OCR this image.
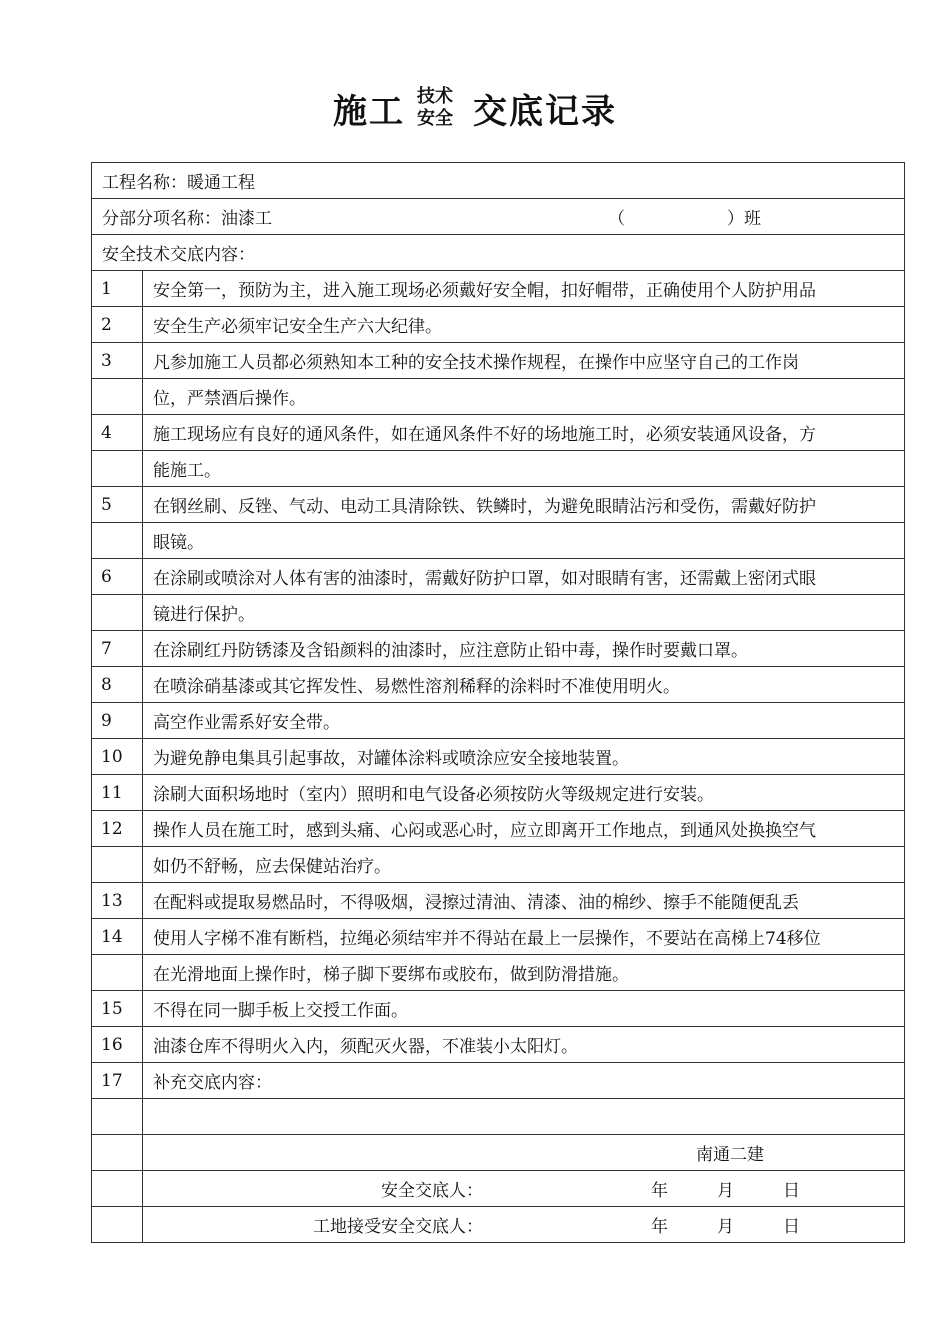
施工 技术
安全 交底记录
工程名称：暖通工程	
分部分项名称：油漆工 （　　　　　　）班	

安全技术交底内容：	
1	安全第一，预防为主，进入施工现场必须戴好安全帽，扣好帽带，正确使用个人防护用品
2	安全生产必须牢记安全生产六大纪律。
3	凡参加施工人员都必须熟知本工种的安全技术操作规程，在操作中应坚守自己的工作岗
	位，严禁酒后操作。
4	施工现场应有良好的通风条件，如在通风条件不好的场地施工时，必须安装通风设备，方
	能施工。
5	在钢丝刷、反锉、气动、电动工具清除铁、铁鳞时，为避免眼睛沾污和受伤，需戴好防护
	眼镜。
6	在涂刷或喷涂对人体有害的油漆时，需戴好防护口罩，如对眼睛有害，还需戴上密闭式眼
	镜进行保护。
7	在涂刷红丹防锈漆及含铅颜料的油漆时，应注意防止铅中毒，操作时要戴口罩。
8	在喷涂硝基漆或其它挥发性、易燃性溶剂稀释的涂料时不准使用明火。
9	高空作业需系好安全带。
10	为避免静电集具引起事故，对罐体涂料或喷涂应安全接地装置。
11	涂刷大面积场地时（室内）照明和电气设备必须按防火等级规定进行安装。
12	操作人员在施工时，感到头痛、心闷或恶心时，应立即离开工作地点，到通风处换换空气
	如仍不舒畅，应去保健站治疗。
13	在配料或提取易燃品时，不得吸烟，浸擦过清油、清漆、油的棉纱、擦手不能随便乱丢
14	使用人字梯不准有断档，拉绳必须结牢并不得站在最上一层操作，不要站在高梯上74移位
	在光滑地面上操作时，梯子脚下要绑布或胶布，做到防滑措施。
15	不得在同一脚手板上交授工作面。
16	油漆仓库不得明火入内，须配灭火器，不准装小太阳灯。
17	补充交底内容：

	南通二建

	安全交底人： 年 月 日

	工地接受安全交底人： 年 月 日
